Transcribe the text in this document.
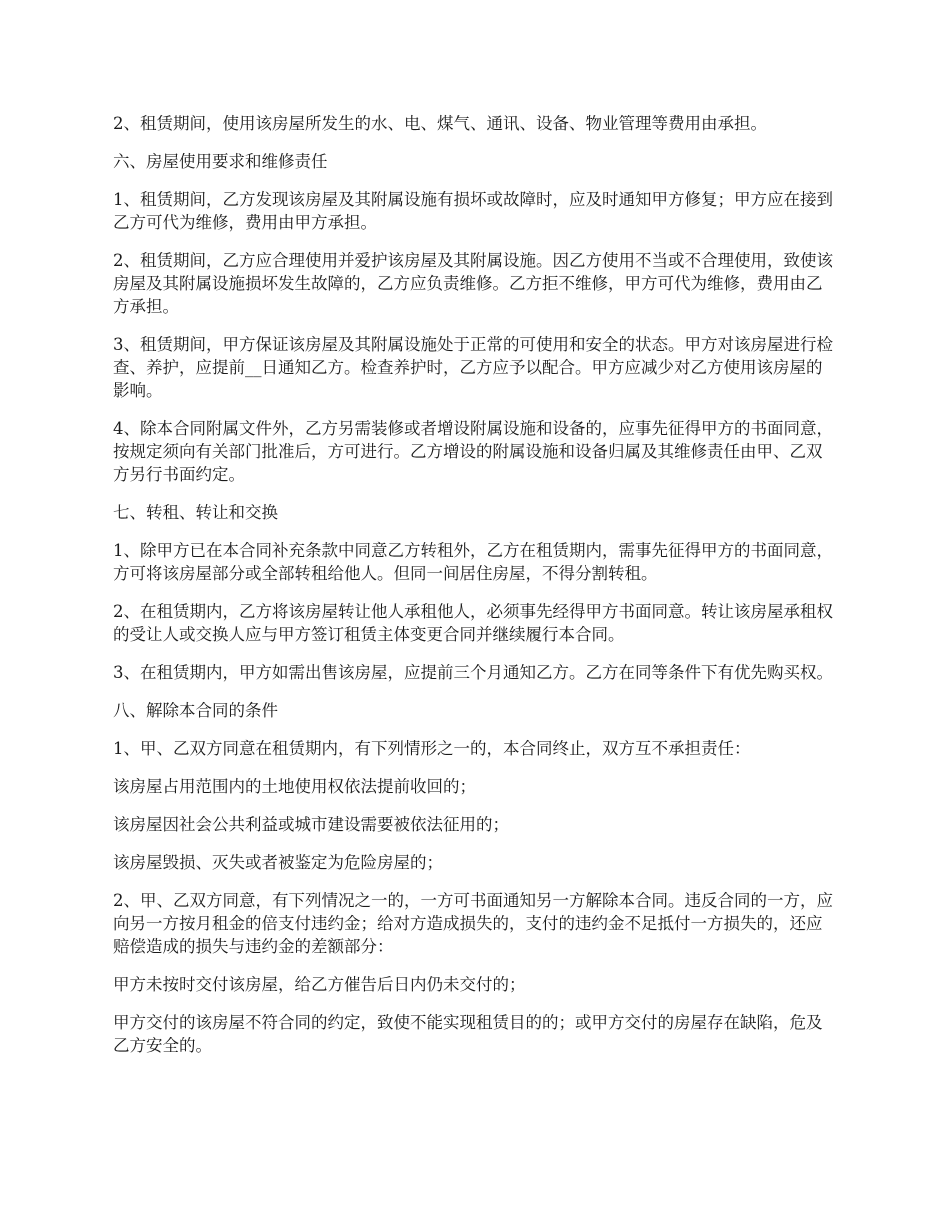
2、租赁期间，使用该房屋所发生的水、电、煤气、通讯、设备、物业管理等费用由承担。

六、房屋使用要求和维修责任

1、租赁期间，乙方发现该房屋及其附属设施有损坏或故障时，应及时通知甲方修复；甲方应在接到乙方可代为维修，费用由甲方承担。

2、租赁期间，乙方应合理使用并爱护该房屋及其附属设施。因乙方使用不当或不合理使用，致使该房屋及其附属设施损坏发生故障的，乙方应负责维修。乙方拒不维修，甲方可代为维修，费用由乙方承担。

3、租赁期间，甲方保证该房屋及其附属设施处于正常的可使用和安全的状态。甲方对该房屋进行检查、养护，应提前__日通知乙方。检查养护时，乙方应予以配合。甲方应减少对乙方使用该房屋的影响。

4、除本合同附属文件外，乙方另需装修或者增设附属设施和设备的，应事先征得甲方的书面同意，按规定须向有关部门批准后，方可进行。乙方增设的附属设施和设备归属及其维修责任由甲、乙双方另行书面约定。

七、转租、转让和交换

1、除甲方已在本合同补充条款中同意乙方转租外，乙方在租赁期内，需事先征得甲方的书面同意，方可将该房屋部分或全部转租给他人。但同一间居住房屋，不得分割转租。

2、在租赁期内，乙方将该房屋转让他人承租他人，必须事先经得甲方书面同意。转让该房屋承租权的受让人或交换人应与甲方签订租赁主体变更合同并继续履行本合同。

3、在租赁期内，甲方如需出售该房屋，应提前三个月通知乙方。乙方在同等条件下有优先购买权。

八、解除本合同的条件

1、甲、乙双方同意在租赁期内，有下列情形之一的，本合同终止，双方互不承担责任：

该房屋占用范围内的土地使用权依法提前收回的；

该房屋因社会公共利益或城市建设需要被依法征用的；

该房屋毁损、灭失或者被鉴定为危险房屋的；

2、甲、乙双方同意，有下列情况之一的，一方可书面通知另一方解除本合同。违反合同的一方，应向另一方按月租金的倍支付违约金；给对方造成损失的，支付的违约金不足抵付一方损失的，还应赔偿造成的损失与违约金的差额部分：

甲方未按时交付该房屋，给乙方催告后日内仍未交付的；

甲方交付的该房屋不符合同的约定，致使不能实现租赁目的的；或甲方交付的房屋存在缺陷，危及乙方安全的。
